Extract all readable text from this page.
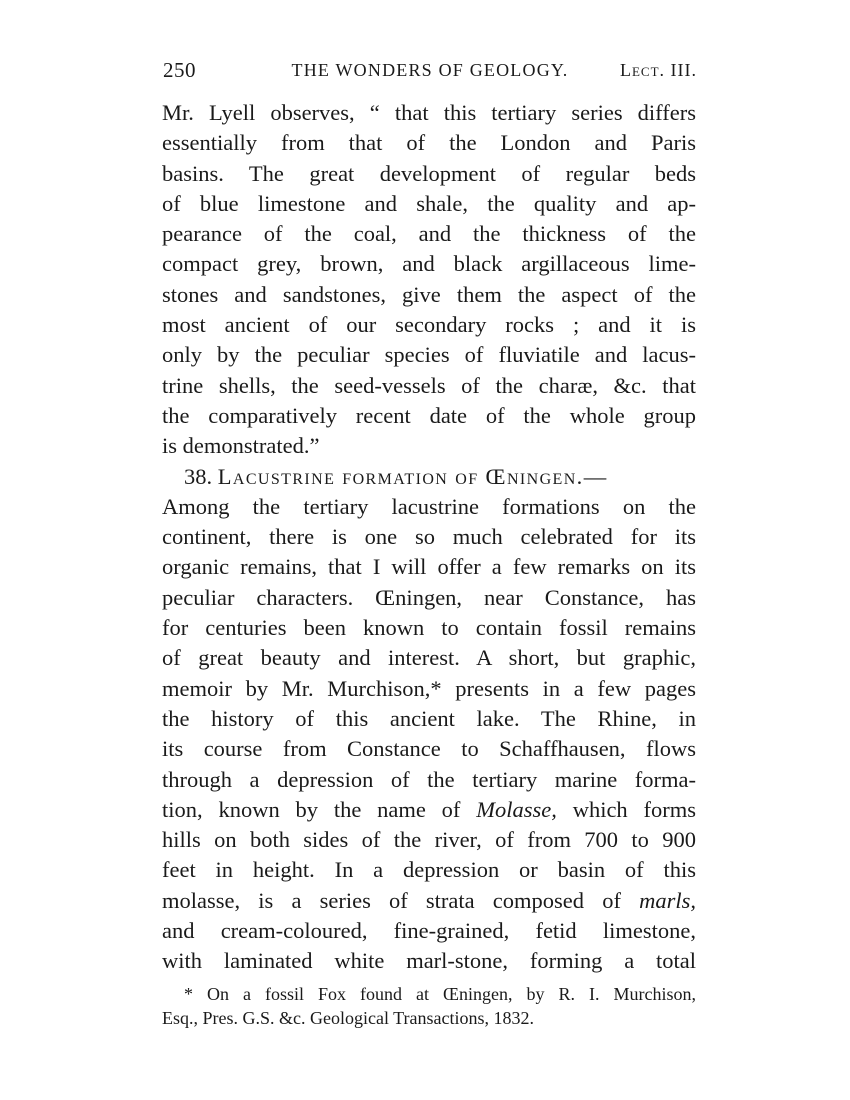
250	THE WONDERS OF GEOLOGY.	Lect. III.
Mr. Lyell observes, “ that this tertiary series differs
essentially from that of the London and Paris
basins. The great development of regular beds
of blue limestone and shale, the quality and ap-
pearance of the coal, and the thickness of the
compact grey, brown, and black argillaceous lime-
stones and sandstones, give them the aspect of the
most ancient of our secondary rocks ; and it is
only by the peculiar species of fluviatile and lacus-
trine shells, the seed-vessels of the charæ, &c. that
the comparatively recent date of the whole group
is demonstrated.”
38. Lacustrine formation of Œningen.—
Among the tertiary lacustrine formations on the
continent, there is one so much celebrated for its
organic remains, that I will offer a few remarks on its
peculiar characters. Œningen, near Constance, has
for centuries been known to contain fossil remains
of great beauty and interest. A short, but graphic,
memoir by Mr. Murchison,* presents in a few pages
the history of this ancient lake. The Rhine, in
its course from Constance to Schaffhausen, flows
through a depression of the tertiary marine forma-
tion, known by the name of Molasse, which forms
hills on both sides of the river, of from 700 to 900
feet in height. In a depression or basin of this
molasse, is a series of strata composed of marls,
and cream-coloured, fine-grained, fetid limestone,
with laminated white marl-stone, forming a total
* On a fossil Fox found at Œningen, by R. I. Murchison,
Esq., Pres. G.S. &c. Geological Transactions, 1832.
